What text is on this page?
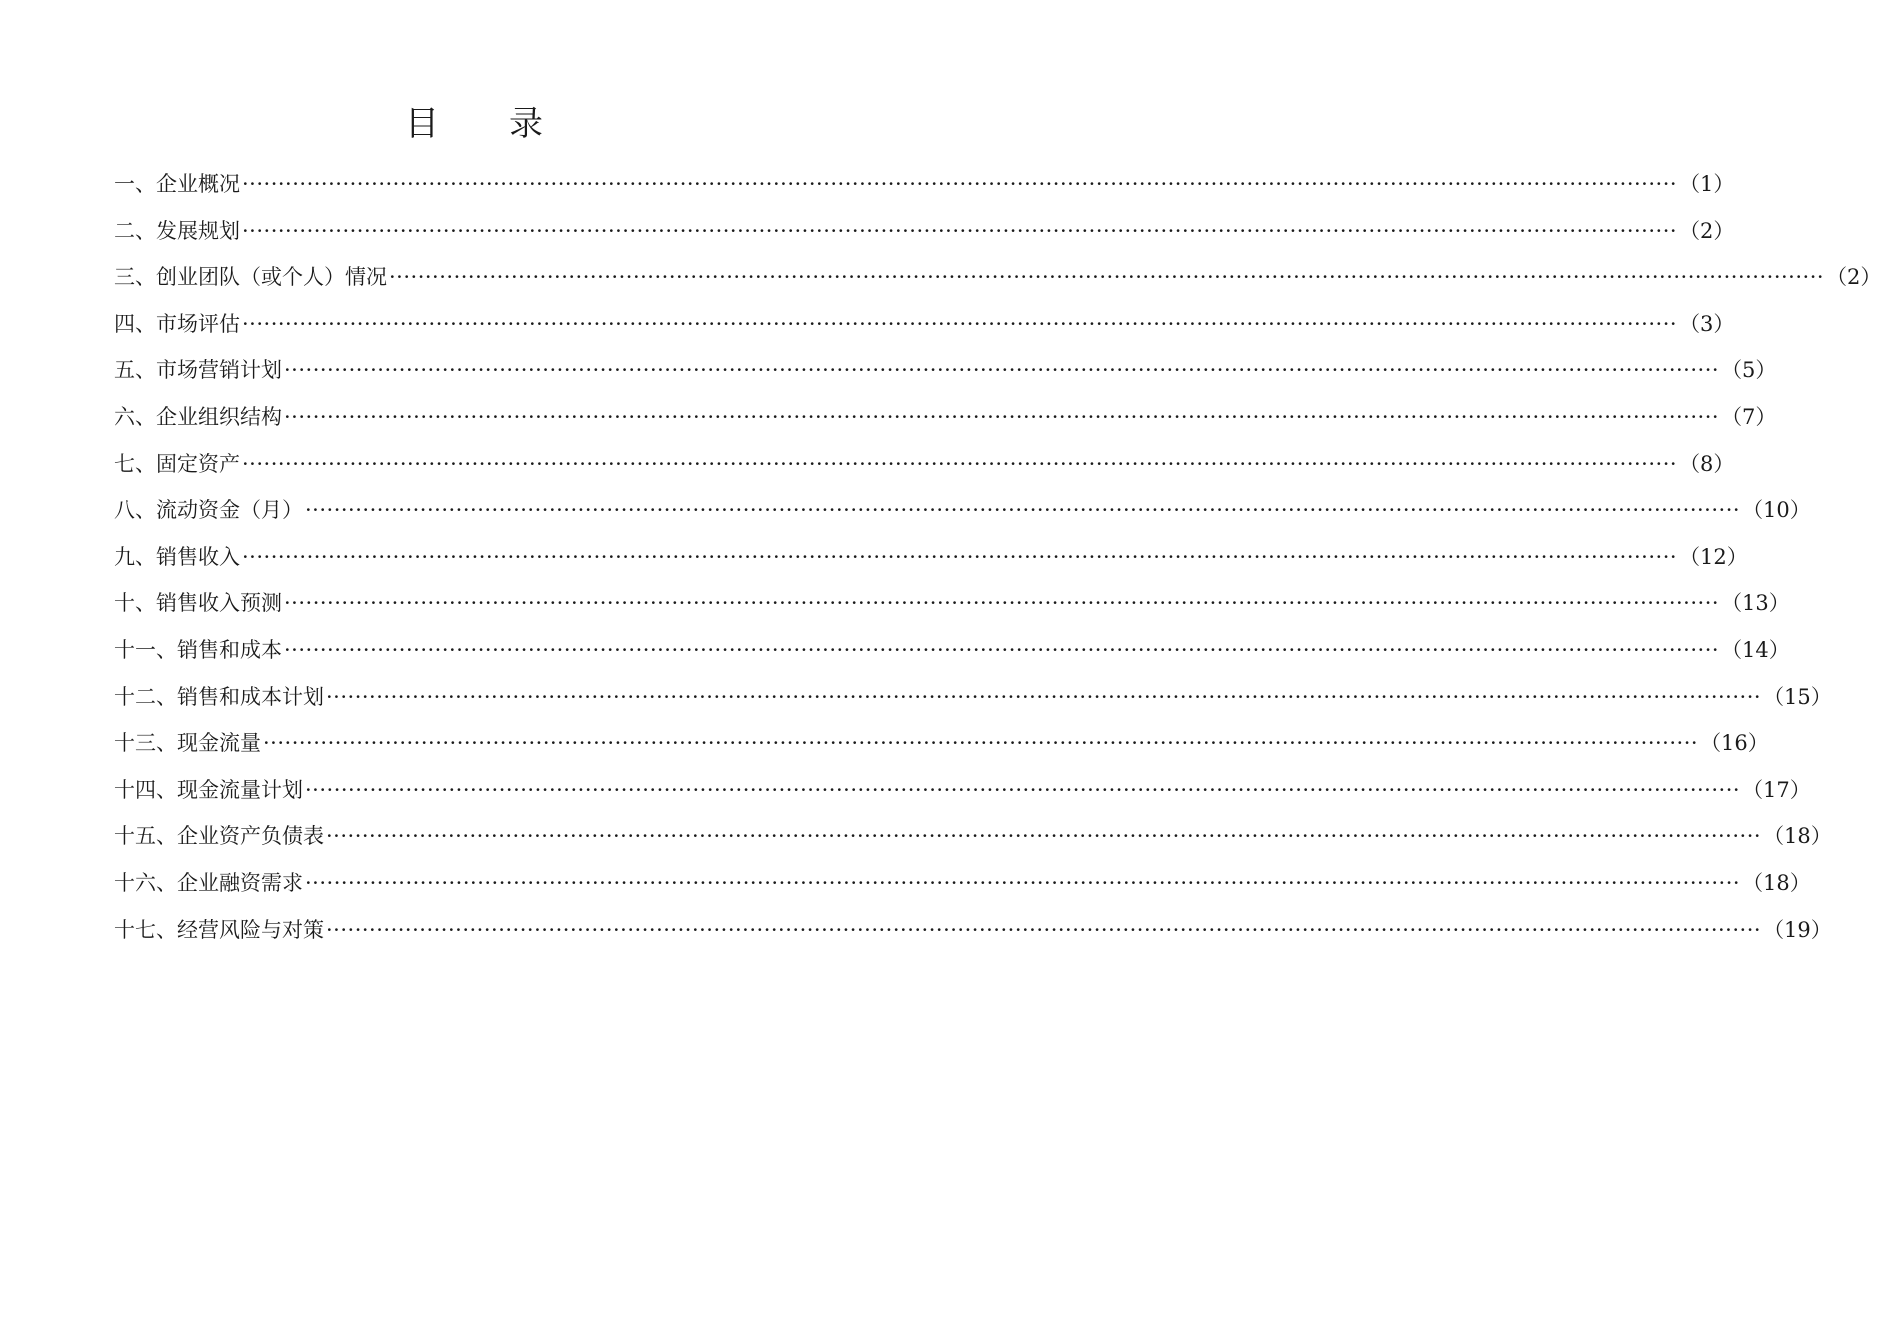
目 录
一、企业概况 ········································································································································································································ （1）
二、发展规划 ········································································································································································································ （2）
三、创业团队（或个人）情况 ········································································································································································································ （2）
四、市场评估 ········································································································································································································ （3）
五、市场营销计划 ········································································································································································································ （5）
六、企业组织结构 ········································································································································································································ （7）
七、固定资产 ········································································································································································································ （8）
八、流动资金（月） ········································································································································································································ （10）
九、销售收入 ········································································································································································································ （12）
十、销售收入预测 ········································································································································································································ （13）
十一、销售和成本 ········································································································································································································ （14）
十二、销售和成本计划 ········································································································································································································ （15）
十三、现金流量 ········································································································································································································ （16）
十四、现金流量计划 ········································································································································································································ （17）
十五、企业资产负债表 ········································································································································································································ （18）
十六、企业融资需求 ········································································································································································································ （18）
十七、经营风险与对策 ········································································································································································································ （19）
